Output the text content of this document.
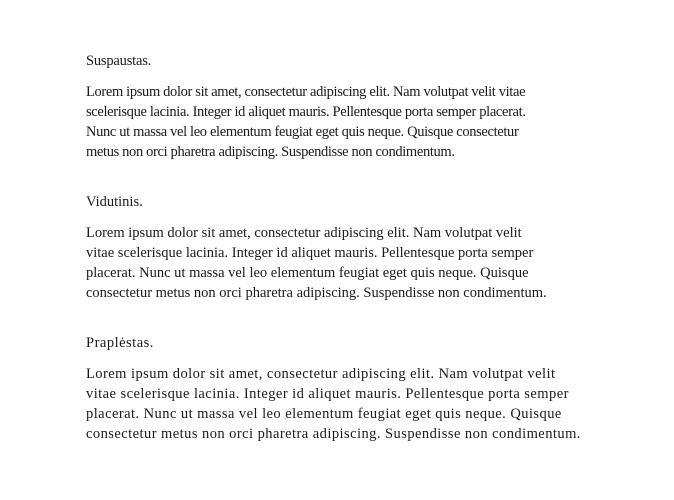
Suspaustas.

Lorem ipsum dolor sit amet, consectetur adipiscing elit. Nam volutpat velit vitae
scelerisque lacinia. Integer id aliquet mauris. Pellentesque porta semper placerat.
Nunc ut massa vel leo elementum feugiat eget quis neque. Quisque consectetur
metus non orci pharetra adipiscing. Suspendisse non condimentum.

Vidutinis.

Lorem ipsum dolor sit amet, consectetur adipiscing elit. Nam volutpat velit
vitae scelerisque lacinia. Integer id aliquet mauris. Pellentesque porta semper
placerat. Nunc ut massa vel leo elementum feugiat eget quis neque. Quisque
consectetur metus non orci pharetra adipiscing. Suspendisse non condimentum.

Praplėstas.

Lorem ipsum dolor sit amet, consectetur adipiscing elit. Nam volutpat velit
vitae scelerisque lacinia. Integer id aliquet mauris. Pellentesque porta semper
placerat. Nunc ut massa vel leo elementum feugiat eget quis neque. Quisque
consectetur metus non orci pharetra adipiscing. Suspendisse non condimentum.
